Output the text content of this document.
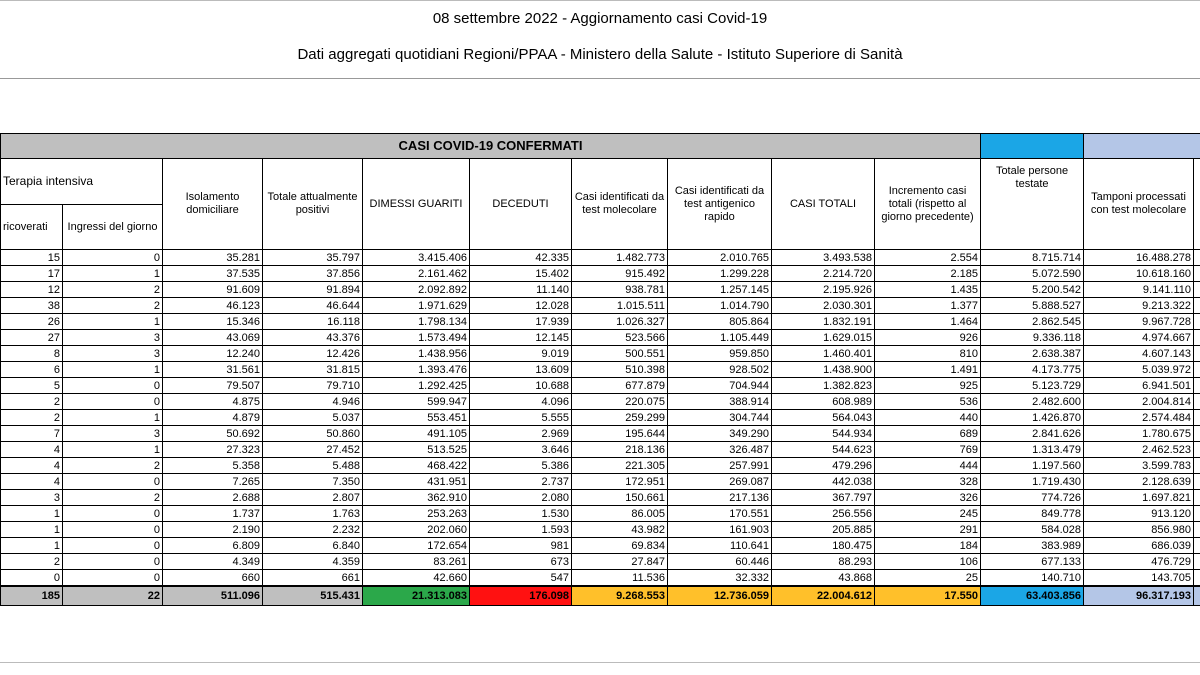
08 settembre 2022 - Aggiornamento casi Covid-19
Dati aggregati quotidiani Regioni/PPAA - Ministero della Salute - Istituto Superiore di Sanità
CASI COVID-19 CONFERMATI												
Terapia intensiva		Isolamento domiciliare	Totale attualmente positivi	DIMESSI GUARITI	DECEDUTI	Casi identificati da test molecolare	Casi identificati da test antigenico rapido	CASI TOTALI	Incremento casi totali (rispetto al giorno precedente)	Totale persone testate	Tamponi processati con test molecolare	
ricoverati	Ingressi del giorno											
15	0	35.281	35.797	3.415.406	42.335	1.482.773	2.010.765	3.493.538	2.554	8.715.714	16.488.278	
17	1	37.535	37.856	2.161.462	15.402	915.492	1.299.228	2.214.720	2.185	5.072.590	10.618.160	
12	2	91.609	91.894	2.092.892	11.140	938.781	1.257.145	2.195.926	1.435	5.200.542	9.141.110	
38	2	46.123	46.644	1.971.629	12.028	1.015.511	1.014.790	2.030.301	1.377	5.888.527	9.213.322	
26	1	15.346	16.118	1.798.134	17.939	1.026.327	805.864	1.832.191	1.464	2.862.545	9.967.728	
27	3	43.069	43.376	1.573.494	12.145	523.566	1.105.449	1.629.015	926	9.336.118	4.974.667	
8	3	12.240	12.426	1.438.956	9.019	500.551	959.850	1.460.401	810	2.638.387	4.607.143	
6	1	31.561	31.815	1.393.476	13.609	510.398	928.502	1.438.900	1.491	4.173.775	5.039.972	
5	0	79.507	79.710	1.292.425	10.688	677.879	704.944	1.382.823	925	5.123.729	6.941.501	
2	0	4.875	4.946	599.947	4.096	220.075	388.914	608.989	536	2.482.600	2.004.814	
2	1	4.879	5.037	553.451	5.555	259.299	304.744	564.043	440	1.426.870	2.574.484	
7	3	50.692	50.860	491.105	2.969	195.644	349.290	544.934	689	2.841.626	1.780.675	
4	1	27.323	27.452	513.525	3.646	218.136	326.487	544.623	769	1.313.479	2.462.523	
4	2	5.358	5.488	468.422	5.386	221.305	257.991	479.296	444	1.197.560	3.599.783	
4	0	7.265	7.350	431.951	2.737	172.951	269.087	442.038	328	1.719.430	2.128.639	
3	2	2.688	2.807	362.910	2.080	150.661	217.136	367.797	326	774.726	1.697.821	
1	0	1.737	1.763	253.263	1.530	86.005	170.551	256.556	245	849.778	913.120	
1	0	2.190	2.232	202.060	1.593	43.982	161.903	205.885	291	584.028	856.980	
1	0	6.809	6.840	172.654	981	69.834	110.641	180.475	184	383.989	686.039	
2	0	4.349	4.359	83.261	673	27.847	60.446	88.293	106	677.133	476.729	
0	0	660	661	42.660	547	11.536	32.332	43.868	25	140.710	143.705	
185	22	511.096	515.431	21.313.083	176.098	9.268.553	12.736.059	22.004.612	17.550	63.403.856	96.317.193	
